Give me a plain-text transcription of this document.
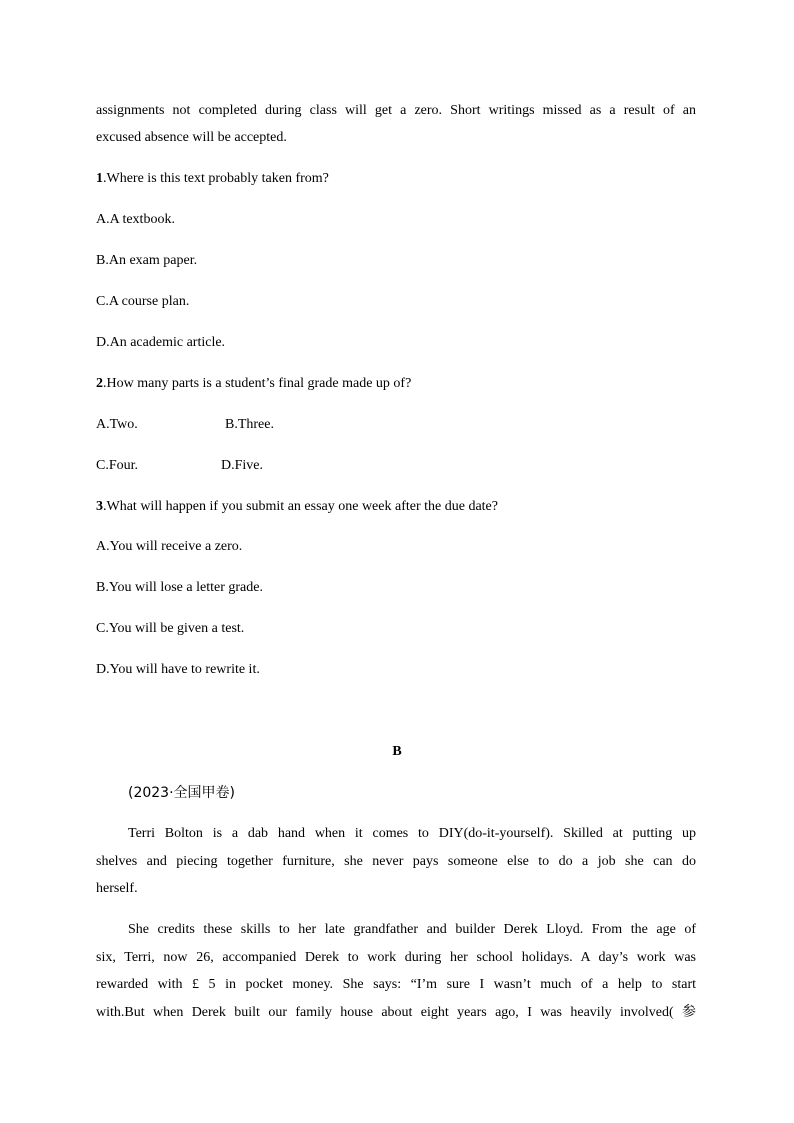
assignments not completed during class will get a zero. Short writings missed as a result of an
excused absence will be accepted.
1.Where is this text probably taken from?
A.A textbook.
B.An exam paper.
C.A course plan.
D.An academic article.
2.How many parts is a student’s final grade made up of?
A.Two.	B.Three.
C.Four.	D.Five.
3.What will happen if you submit an essay one week after the due date?
A.You will receive a zero.
B.You will lose a letter grade.
C.You will be given a test.
D.You will have to rewrite it.
B
(2023·全国甲卷)
Terri Bolton is a dab hand when it comes to DIY(do-it-yourself). Skilled at putting up
shelves and piecing together furniture, she never pays someone else to do a job she can do
herself.
She credits these skills to her late grandfather and builder Derek Lloyd. From the age of
six, Terri, now 26, accompanied Derek to work during her school holidays. A day’s work was
rewarded with £ 5 in pocket money. She says: “I’m sure I wasn’t much of a help to start
with.But when Derek built our family house about eight years ago, I was heavily involved( 参
